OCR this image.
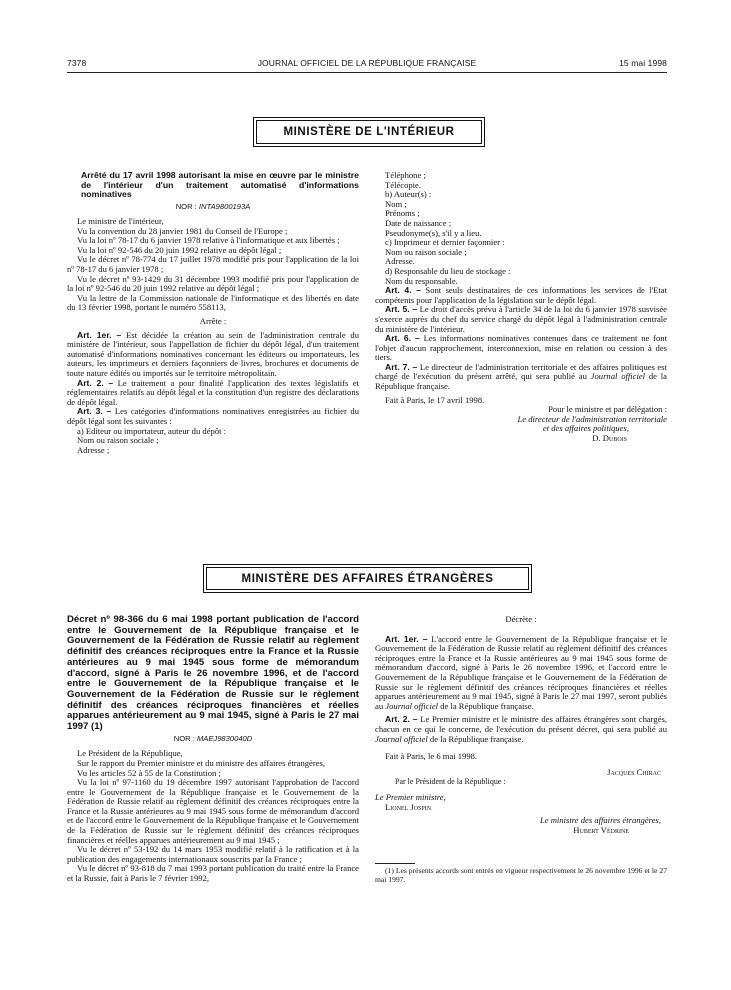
7378	JOURNAL OFFICIEL DE LA RÉPUBLIQUE FRANÇAISE	15 mai 1998
MINISTÈRE DE L'INTÉRIEUR
Arrêté du 17 avril 1998 autorisant la mise en œuvre par le ministre de l'intérieur d'un traitement automatisé d'informations nominatives
NOR : INTA9800193A

Le ministre de l'intérieur,

Vu la convention du 28 janvier 1981 du Conseil de l'Europe ;

Vu la loi nº 78-17 du 6 janvier 1978 relative à l'informatique et aux libertés ;

Vu la loi nº 92-546 du 20 juin 1992 relative au dépôt légal ;

Vu le décret nº 78-774 du 17 juillet 1978 modifié pris pour l'application de la loi nº 78-17 du 6 janvier 1978 ;

Vu le décret nº 93-1429 du 31 décembre 1993 modifié pris pour l'application de la loi nº 92-546 du 20 juin 1992 relative au dépôt légal ;

Vu la lettre de la Commission nationale de l'informatique et des libertés en date du 13 février 1998, portant le numéro 558113,

Arrête :

Art. 1er. – Est décidée la création au sein de l'administration centrale du ministère de l'intérieur, sous l'appellation de fichier du dépôt légal, d'un traitement automatisé d'informations nominatives concernant les éditeurs ou importateurs, les auteurs, les imprimeurs et derniers façonniers de livres, brochures et documents de toute nature édités ou importés sur le territoire métropolitain.

Art. 2. – Le traitement a pour finalité l'application des textes législatifs et réglementaires relatifs au dépôt légal et la constitution d'un registre des déclarations de dépôt légal.

Art. 3. – Les catégories d'informations nominatives enregistrées au fichier du dépôt légal sont les suivantes :

a) Editeur ou importateur, auteur du dépôt :

Nom ou raison sociale ;

Adresse ;

Téléphone ;

Télécopie.

b) Auteur(s) :

Nom ;

Prénoms ;

Date de naissance ;

Pseudonyme(s), s'il y a lieu.

c) Imprimeur et dernier façonnier :

Nom ou raison sociale ;

Adresse.

d) Responsable du lieu de stockage :

Nom du responsable.

Art. 4. – Sont seuls destinataires de ces informations les services de l'Etat compétents pour l'application de la législation sur le dépôt légal.

Art. 5. – Le droit d'accès prévu à l'article 34 de la loi du 6 janvier 1978 susvisée s'exerce auprès du chef du service chargé du dépôt légal à l'administration centrale du ministère de l'intérieur.

Art. 6. – Les informations nominatives contenues dans ce traitement ne font l'objet d'aucun rapprochement, interconnexion, mise en relation ou cession à des tiers.

Art. 7. – Le directeur de l'administration territoriale et des affaires politiques est chargé de l'exécution du présent arrêté, qui sera publié au Journal officiel de la République française.

Fait à Paris, le 17 avril 1998.

Pour le ministre et par délégation :

Le directeur de l'administration territoriale

et des affaires politiques,

D. Dubois

MINISTÈRE DES AFFAIRES ÉTRANGÈRES
Décret nº 98-366 du 6 mai 1998 portant publication de l'accord entre le Gouvernement de la République française et le Gouvernement de la Fédération de Russie relatif au règlement définitif des créances réciproques entre la France et la Russie antérieures au 9 mai 1945 sous forme de mémorandum d'accord, signé à Paris le 26 novembre 1996, et de l'accord entre le Gouvernement de la République française et le Gouvernement de la Fédération de Russie sur le règlement définitif des créances réciproques financières et réelles apparues antérieurement au 9 mai 1945, signé à Paris le 27 mai 1997 (1)
NOR : MAEJ9830040D

Le Président de la République,

Sur le rapport du Premier ministre et du ministre des affaires étrangères,

Vu les articles 52 à 55 de la Constitution ;

Vu la loi nº 97-1160 du 19 décembre 1997 autorisant l'approbation de l'accord entre le Gouvernement de la République française et le Gouvernement de la Fédération de Russie relatif au règlement définitif des créances réciproques entre la France et la Russie antérieures au 9 mai 1945 sous forme de mémorandum d'accord et de l'accord entre le Gouvernement de la République française et le Gouvernement de la Fédération de Russie sur le règlement définitif des créances réciproques financières et réelles apparues antérieurement au 9 mai 1945 ;

Vu le décret nº 53-192 du 14 mars 1953 modifié relatif à la ratification et à la publication des engagements internationaux souscrits par la France ;

Vu le décret nº 93-818 du 7 mai 1993 portant publication du traité entre la France et la Russie, fait à Paris le 7 février 1992,

Décrète :

Art. 1er. – L'accord entre le Gouvernement de la République française et le Gouvernement de la Fédération de Russie relatif au règlement définitif des créances réciproques entre la France et la Russie antérieures au 9 mai 1945 sous forme de mémorandum d'accord, signé à Paris le 26 novembre 1996, et l'accord entre le Gouvernement de la République française et le Gouvernement de la Fédération de Russie sur le règlement définitif des créances réciproques financières et réelles apparues antérieurement au 9 mai 1945, signé à Paris le 27 mai 1997, seront publiés au Journal officiel de la République française.

Art. 2. – Le Premier ministre et le ministre des affaires étrangères sont chargés, chacun en ce qui le concerne, de l'exécution du présent décret, qui sera publié au Journal officiel de la République française.

Fait à Paris, le 6 mai 1998.

Jacques Chirac

Par le Président de la République :

Le Premier ministre,

Lionel Jospin

Le ministre des affaires étrangères,

Hubert Védrine

(1) Les présents accords sont entrés en vigueur respectivement le 26 novembre 1996 et le 27 mai 1997.
